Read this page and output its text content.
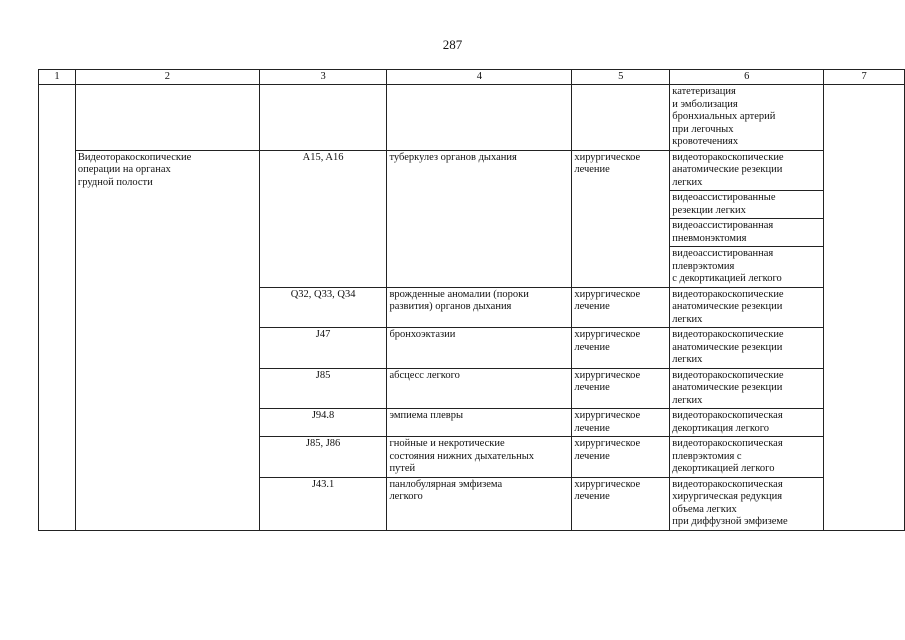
287
1	2	3	4	5	6	7

					катетеризация
и эмболизация
бронхиальных артерий
при легочных
кровотечениях	

	Видеоторакоскопические
операции на органах
грудной полости	A15, A16	туберкулез органов дыхания	хирургическое
лечение	видеоторакоскопические
анатомические резекции
легких	

					видеоассистированные
резекции легких	

					видеоассистированная
пневмонэктомия	

					видеоассистированная
плеврэктомия
с декортикацией легкого	

		Q32, Q33, Q34	врожденные аномалии (пороки
развития) органов дыхания	хирургическое
лечение	видеоторакоскопические
анатомические резекции
легких	

		J47	бронхоэктазии	хирургическое
лечение	видеоторакоскопические
анатомические резекции
легких	

		J85	абсцесс легкого	хирургическое
лечение	видеоторакоскопические
анатомические резекции
легких	

		J94.8	эмпиема плевры	хирургическое
лечение	видеоторакоскопическая
декортикация легкого	

		J85, J86	гнойные и некротические
состояния нижних дыхательных
путей	хирургическое
лечение	видеоторакоскопическая
плеврэктомия с
декортикацией легкого	

		J43.1	панлобулярная эмфизема
легкого	хирургическое
лечение	видеоторакоскопическая
хирургическая редукция
объема легких
при диффузной эмфиземе	
